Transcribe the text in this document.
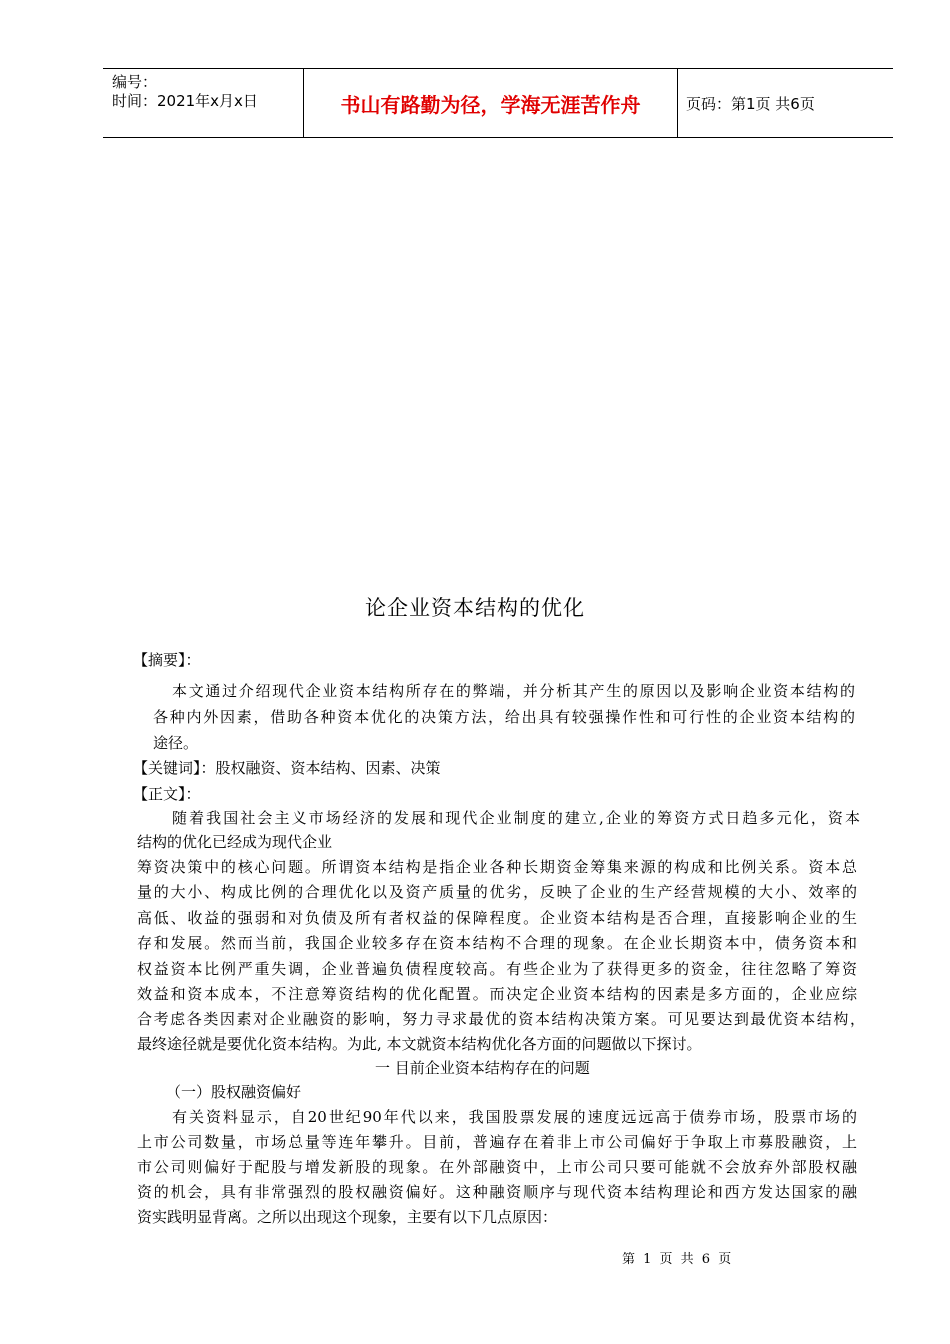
编号：
时间：2021年x月x日	书山有路勤为径，学海无涯苦作舟	页码：第1页 共6页
论企业资本结构的优化
【摘要】：
本文通过介绍现代企业资本结构所存在的弊端，并分析其产生的原因以及影响企业资本结构的
各种内外因素，借助各种资本优化的决策方法，给出具有较强操作性和可行性的企业资本结构的
途径。
【关键词】：股权融资、资本结构、因素、决策
【正文】：
随着我国社会主义市场经济的发展和现代企业制度的建立,企业的筹资方式日趋多元化，资本
结构的优化已经成为现代企业
筹资决策中的核心问题。所谓资本结构是指企业各种长期资金筹集来源的构成和比例关系。资本总
量的大小、构成比例的合理优化以及资产质量的优劣，反映了企业的生产经营规模的大小、效率的
高低、收益的强弱和对负债及所有者权益的保障程度。企业资本结构是否合理，直接影响企业的生
存和发展。然而当前，我国企业较多存在资本结构不合理的现象。在企业长期资本中，债务资本和
权益资本比例严重失调，企业普遍负债程度较高。有些企业为了获得更多的资金，往往忽略了筹资
效益和资本成本，不注意筹资结构的优化配置。而决定企业资本结构的因素是多方面的，企业应综
合考虑各类因素对企业融资的影响，努力寻求最优的资本结构决策方案。可见要达到最优资本结构，
最终途径就是要优化资本结构。为此, 本文就资本结构优化各方面的问题做以下探讨。
一 目前企业资本结构存在的问题
（一）股权融资偏好
有关资料显示，自20世纪90年代以来，我国股票发展的速度远远高于债券市场，股票市场的
上市公司数量，市场总量等连年攀升。目前，普遍存在着非上市公司偏好于争取上市募股融资，上
市公司则偏好于配股与增发新股的现象。在外部融资中，上市公司只要可能就不会放弃外部股权融
资的机会，具有非常强烈的股权融资偏好。这种融资顺序与现代资本结构理论和西方发达国家的融
资实践明显背离。之所以出现这个现象，主要有以下几点原因：
第 1 页 共 6 页
